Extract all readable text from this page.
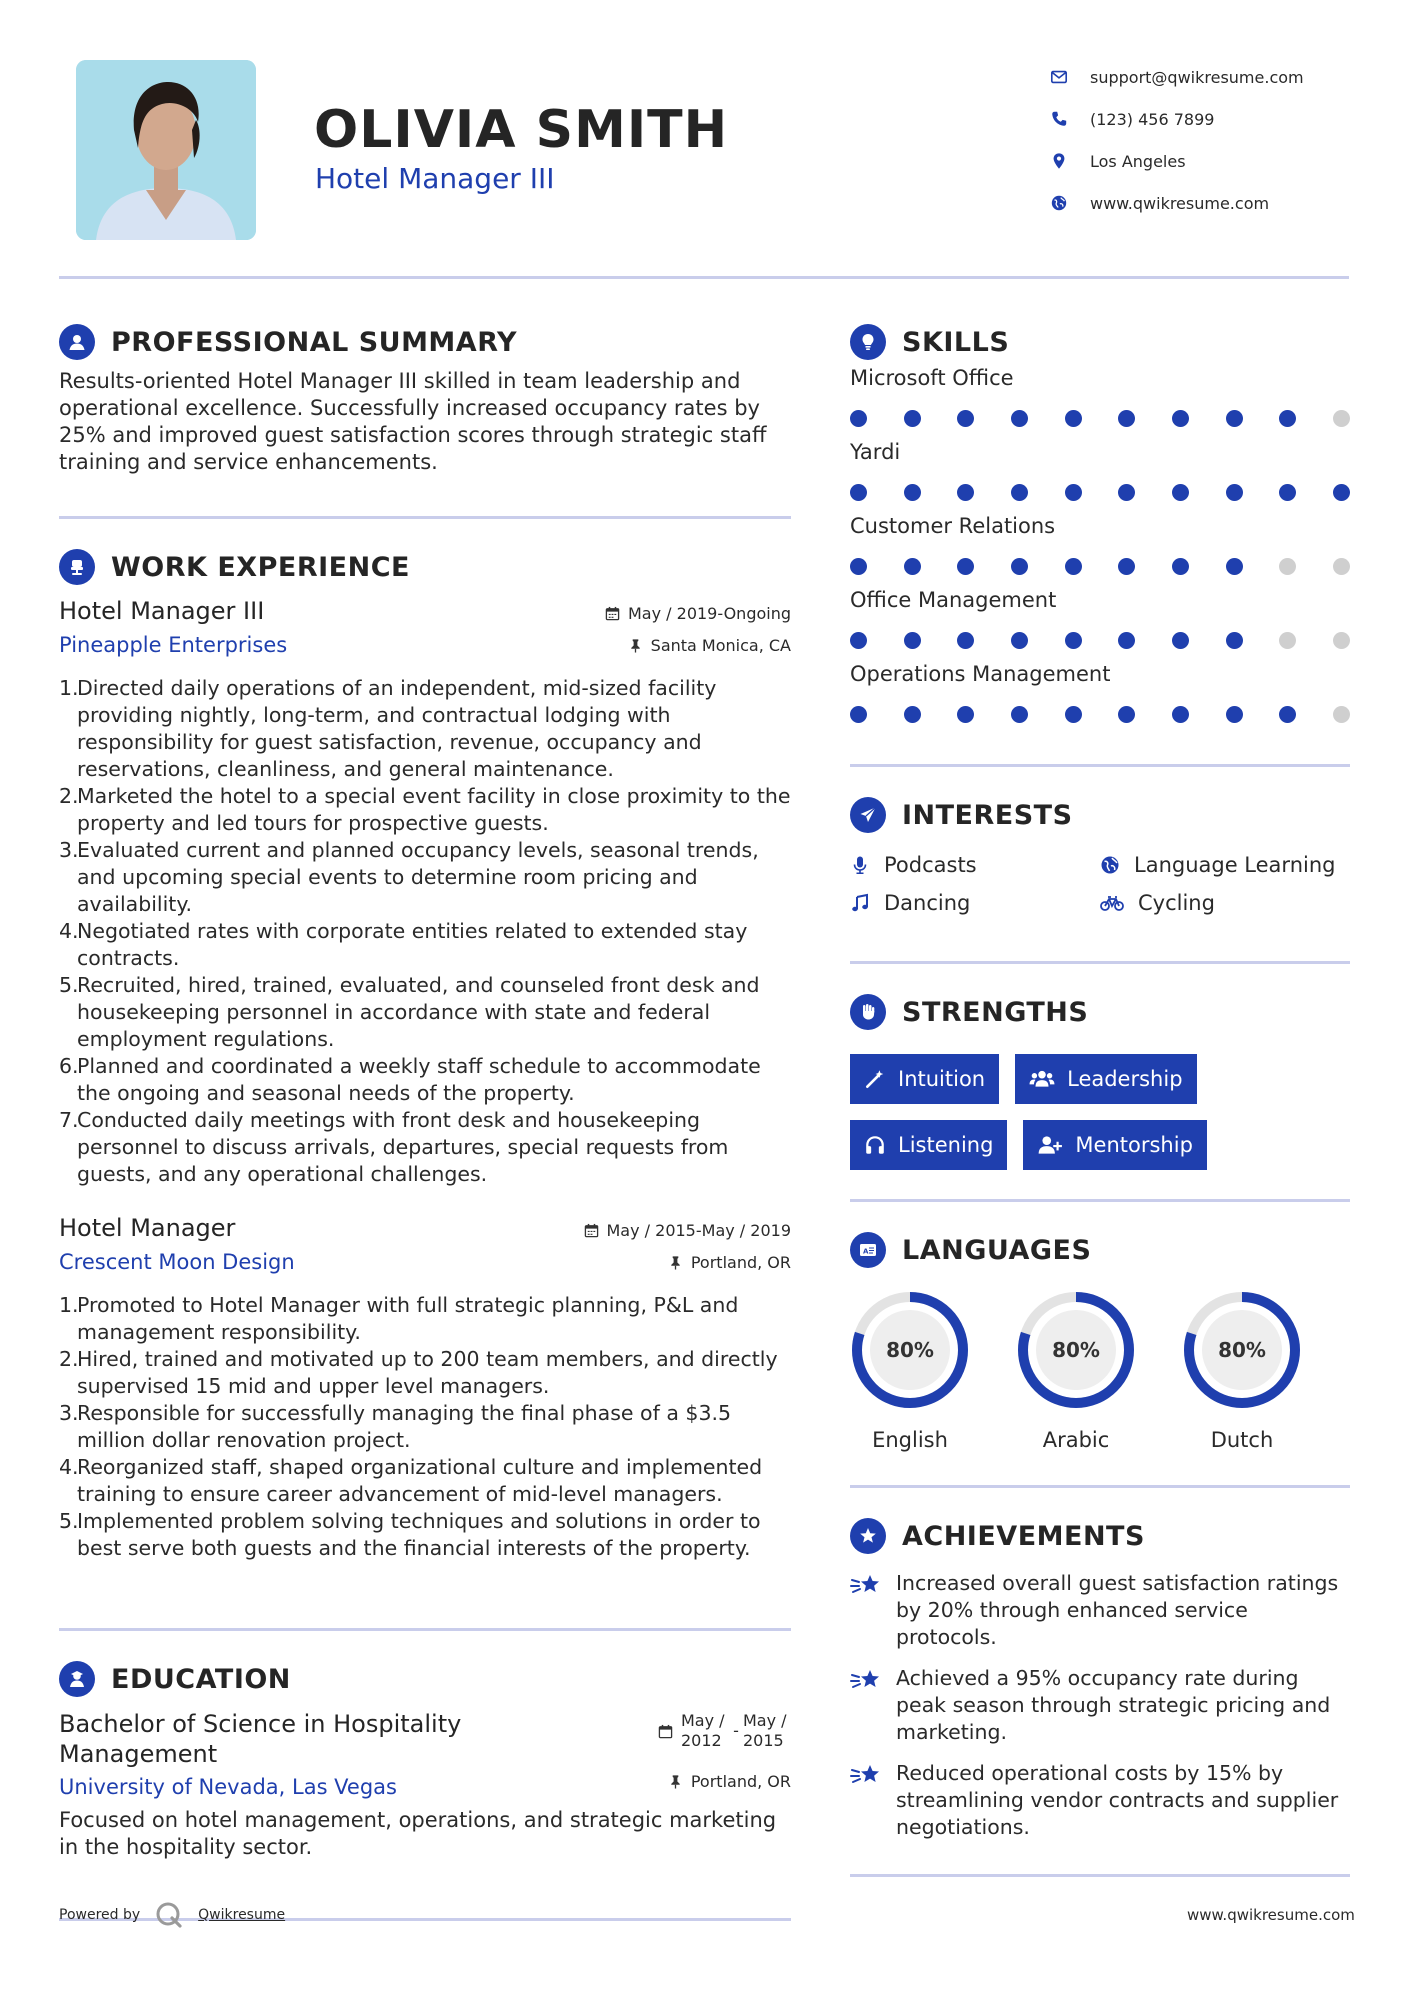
OLIVIA SMITH
Hotel Manager III
support@qwikresume.com
(123) 456 7899
Los Angeles
www.qwikresume.com
PROFESSIONAL SUMMARY
Results-oriented Hotel Manager III skilled in team leadership and operational excellence. Successfully increased occupancy rates by 25% and improved guest satisfaction scores through strategic staff training and service enhancements.
WORK EXPERIENCE
Hotel Manager III
Pineapple Enterprises
May / 2019-Ongoing
Santa Monica, CA
1.
Directed daily operations of an independent, mid-sized facility providing nightly, long-term, and contractual lodging with responsibility for guest satisfaction, revenue, occupancy and reservations, cleanliness, and general maintenance.
2.
Marketed the hotel to a special event facility in close proximity to the property and led tours for prospective guests.
3.
Evaluated current and planned occupancy levels, seasonal trends, and upcoming special events to determine room pricing and availability.
4.
Negotiated rates with corporate entities related to extended stay contracts.
5.
Recruited, hired, trained, evaluated, and counseled front desk and housekeeping personnel in accordance with state and federal employment regulations.
6.
Planned and coordinated a weekly staff schedule to accommodate the ongoing and seasonal needs of the property.
7.
Conducted daily meetings with front desk and housekeeping personnel to discuss arrivals, departures, special requests from guests, and any operational challenges.
Hotel Manager
Crescent Moon Design
May / 2015-May / 2019
Portland, OR
1.
Promoted to Hotel Manager with full strategic planning, P&L and management responsibility.
2.
Hired, trained and motivated up to 200 team members, and directly supervised 15 mid and upper level managers.
3.
Responsible for successfully managing the final phase of a $3.5 million dollar renovation project.
4.
Reorganized staff, shaped organizational culture and implemented training to ensure career advancement of mid-level managers.
5.
Implemented problem solving techniques and solutions in order to best serve both guests and the financial interests of the property.
EDUCATION
Bachelor of Science in Hospitality Management
University of Nevada, Las Vegas
May / 2012
-
May / 2015
Portland, OR
Focused on hotel management, operations, and strategic marketing in the hospitality sector.
SKILLS
Microsoft Office
Yardi
Customer Relations
Office Management
Operations Management
INTERESTS
Podcasts	Language Learning
Dancing	Cycling
STRENGTHS
Intuition	Leadership
Listening	Mentorship
A LANGUAGES
80%
English
80%
Arabic
80%
Dutch
ACHIEVEMENTS
Increased overall guest satisfaction ratings by 20% through enhanced service protocols.
Achieved a 95% occupancy rate during peak season through strategic pricing and marketing.
Reduced operational costs by 15% by streamlining vendor contracts and supplier negotiations.
Powered by	Qwikresume	www.qwikresume.com
